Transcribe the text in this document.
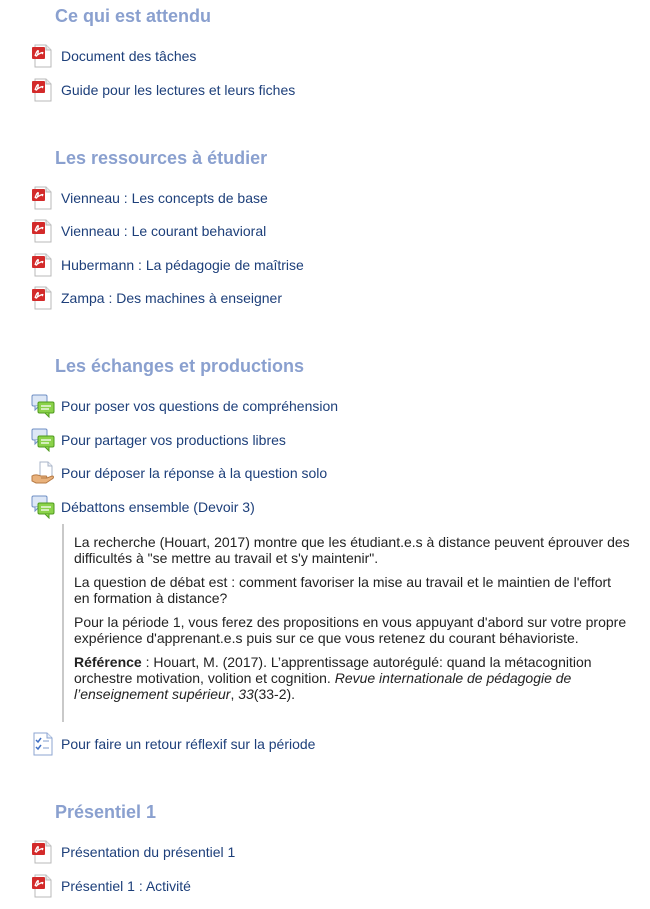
Ce qui est attendu
Document des tâches
Guide pour les lectures et leurs fiches
Les ressources à étudier
Vienneau : Les concepts de base
Vienneau : Le courant behavioral
Hubermann : La pédagogie de maîtrise
Zampa : Des machines à enseigner
Les échanges et productions
Pour poser vos questions de compréhension
Pour partager vos productions libres
Pour déposer la réponse à la question solo
Débattons ensemble (Devoir 3)

La recherche (Houart, 2017) montre que les étudiant.e.s à distance peuvent éprouver des difficultés à "se mettre au travail et s'y maintenir".

La question de débat est : comment favoriser la mise au travail et le maintien de l'effort en formation à distance?

Pour la période 1, vous ferez des propositions en vous appuyant d'abord sur votre propre expérience d'apprenant.e.s puis sur ce que vous retenez du courant béhavioriste.

Référence : Houart, M. (2017). L’apprentissage autorégulé: quand la métacognition orchestre motivation, volition et cognition. Revue internationale de pédagogie de l’enseignement supérieur, 33(33-2).

Pour faire un retour réflexif sur la période
Présentiel 1
Présentation du présentiel 1
Présentiel 1 : Activité
